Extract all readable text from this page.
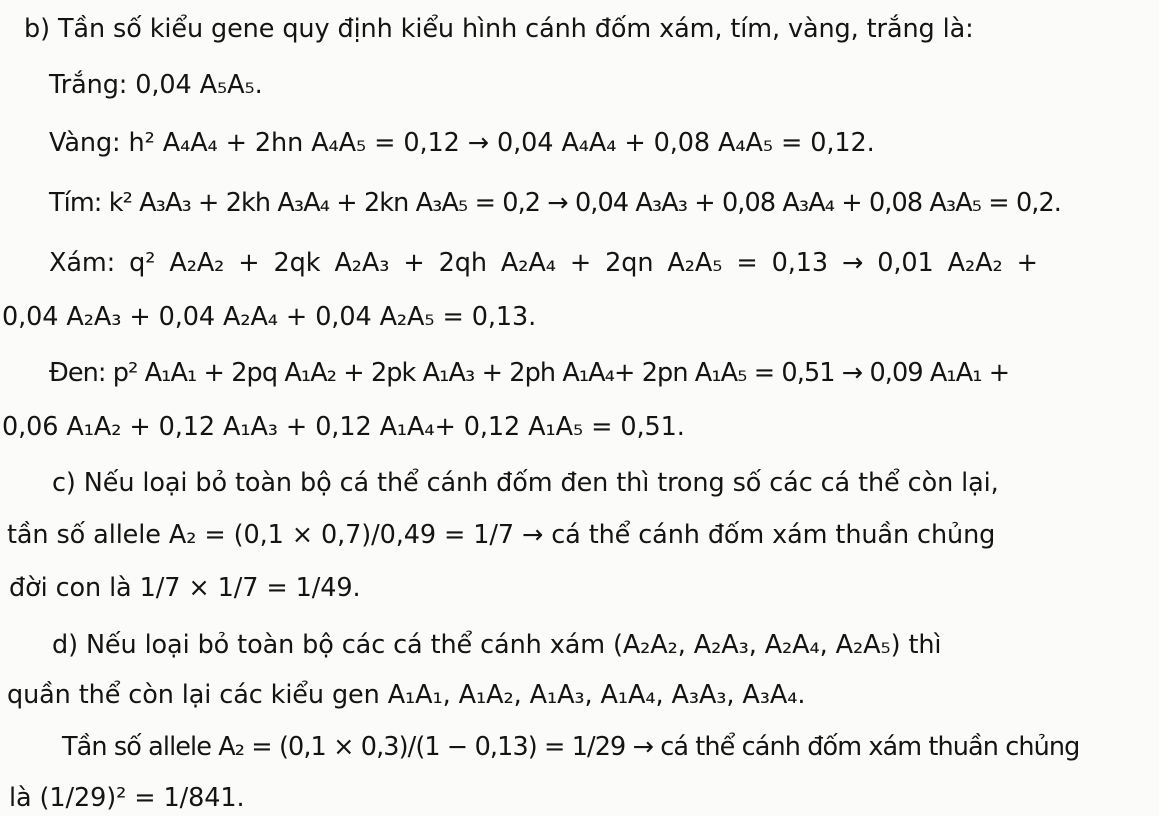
b) Tần số kiểu gene quy định kiểu hình cánh đốm xám, tím, vàng, trắng là:
Trắng: 0,04 A₅A₅.
Vàng: h² A₄A₄ + 2hn A₄A₅ = 0,12 → 0,04 A₄A₄ + 0,08 A₄A₅ = 0,12.
Tím: k² A₃A₃ + 2kh A₃A₄ + 2kn A₃A₅ = 0,2 → 0,04 A₃A₃ + 0,08 A₃A₄ + 0,08 A₃A₅ = 0,2.
Xám: q² A₂A₂ + 2qk A₂A₃ + 2qh A₂A₄ + 2qn A₂A₅ = 0,13 → 0,01 A₂A₂ +
0,04 A₂A₃ + 0,04 A₂A₄ + 0,04 A₂A₅ = 0,13.
Đen: p² A₁A₁ + 2pq A₁A₂ + 2pk A₁A₃ + 2ph A₁A₄+ 2pn A₁A₅ = 0,51 → 0,09 A₁A₁ +
0,06 A₁A₂ + 0,12 A₁A₃ + 0,12 A₁A₄+ 0,12 A₁A₅ = 0,51.
c) Nếu loại bỏ toàn bộ cá thể cánh đốm đen thì trong số các cá thể còn lại,
tần số allele A₂ = (0,1 × 0,7)/0,49 = 1/7 → cá thể cánh đốm xám thuần chủng
đời con là 1/7 × 1/7 = 1/49.
d) Nếu loại bỏ toàn bộ các cá thể cánh xám (A₂A₂, A₂A₃, A₂A₄, A₂A₅) thì
quần thể còn lại các kiểu gen A₁A₁, A₁A₂, A₁A₃, A₁A₄, A₃A₃, A₃A₄.
Tần số allele A₂ = (0,1 × 0,3)/(1 − 0,13) = 1/29 → cá thể cánh đốm xám thuần chủng
là (1/29)² = 1/841.
